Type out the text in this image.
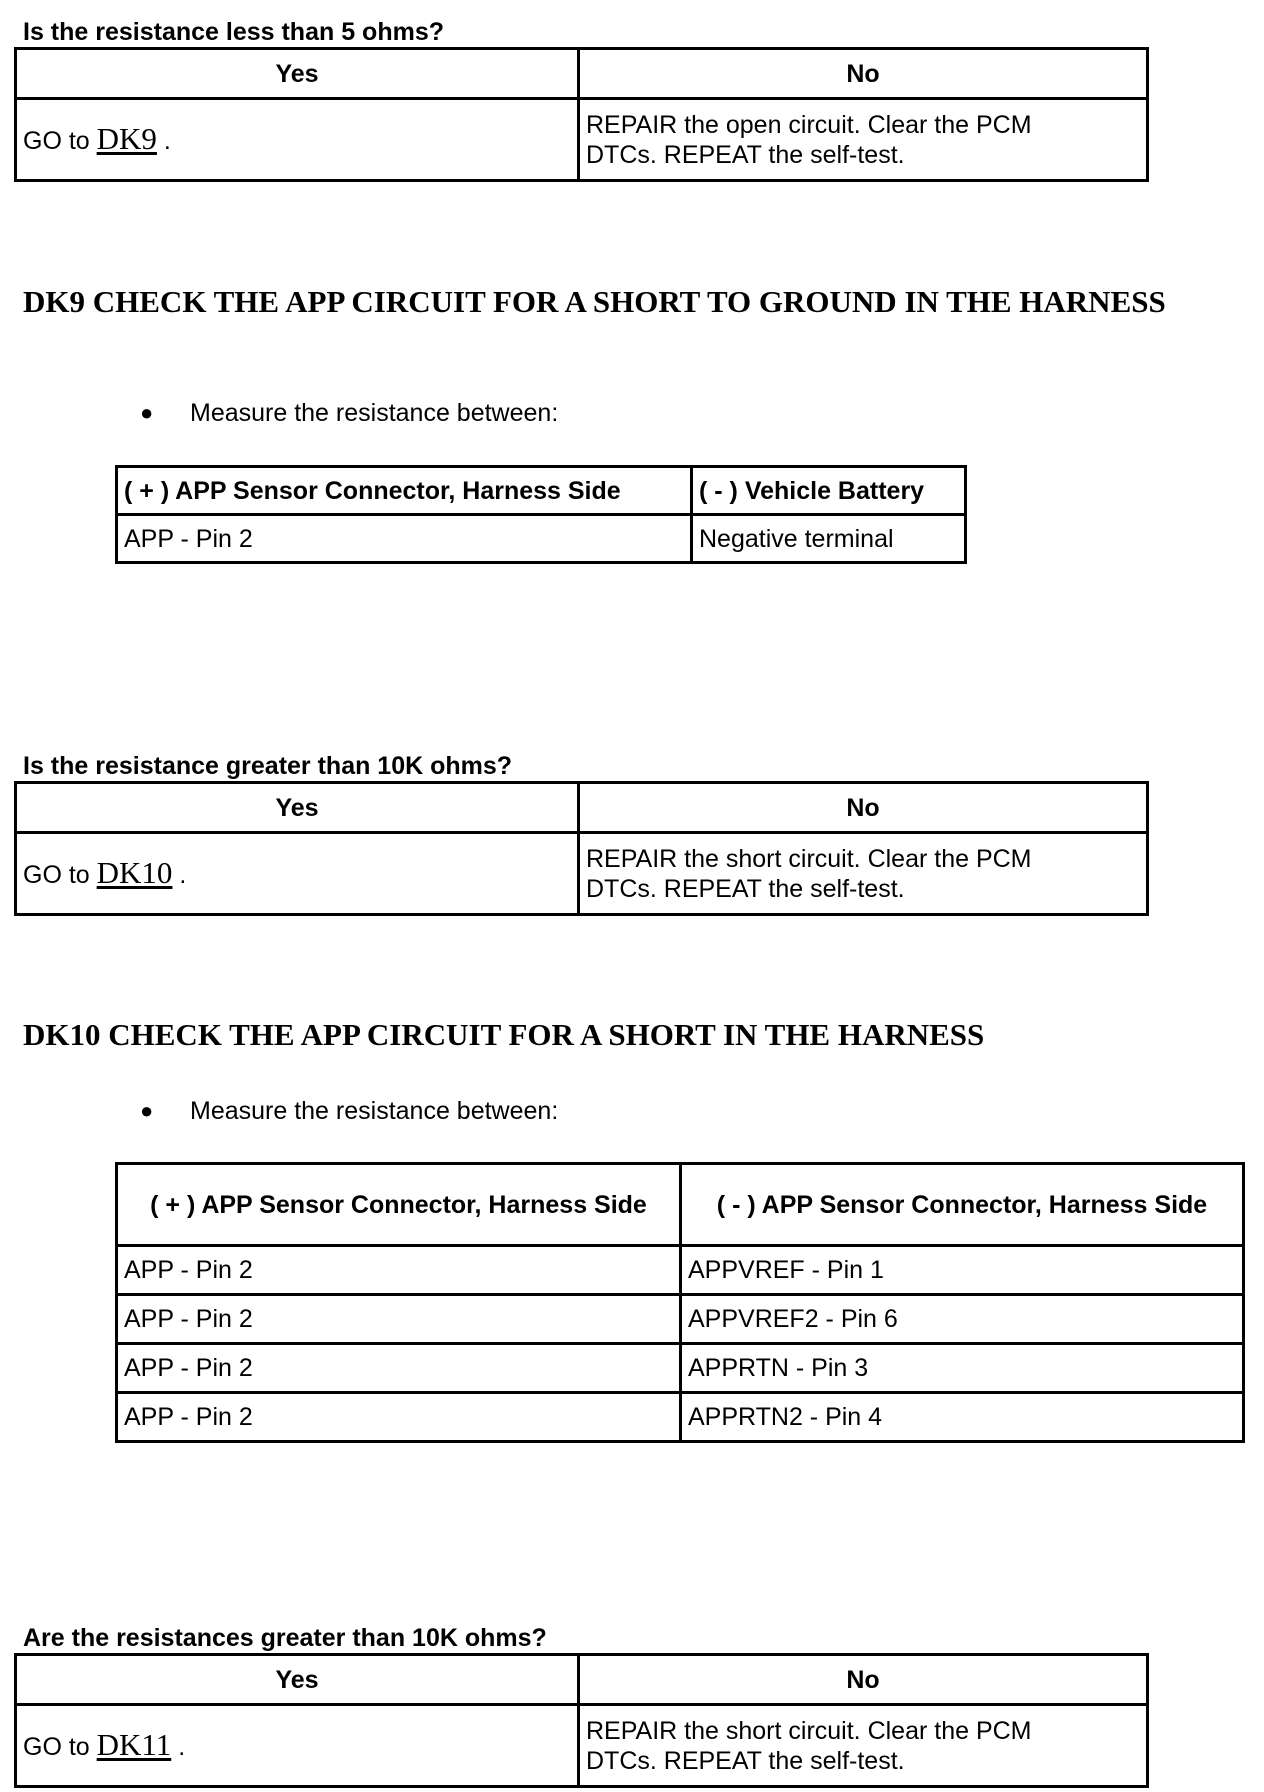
Is the resistance less than 5 ohms?
Yes	No
GO to DK9 .	REPAIR the open circuit. Clear the PCM
DTCs. REPEAT the self-test.
DK9 CHECK THE APP CIRCUIT FOR A SHORT TO GROUND IN THE HARNESS
● Measure the resistance between:
( + ) APP Sensor Connector, Harness Side	( - ) Vehicle Battery
APP - Pin 2	Negative terminal
Is the resistance greater than 10K ohms?
Yes	No
GO to DK10 .	REPAIR the short circuit. Clear the PCM
DTCs. REPEAT the self-test.
DK10 CHECK THE APP CIRCUIT FOR A SHORT IN THE HARNESS
● Measure the resistance between:
( + ) APP Sensor Connector, Harness Side	( - ) APP Sensor Connector, Harness Side
APP - Pin 2	APPVREF - Pin 1
APP - Pin 2	APPVREF2 - Pin 6
APP - Pin 2	APPRTN - Pin 3
APP - Pin 2	APPRTN2 - Pin 4
Are the resistances greater than 10K ohms?
Yes	No
GO to DK11 .	REPAIR the short circuit. Clear the PCM
DTCs. REPEAT the self-test.
